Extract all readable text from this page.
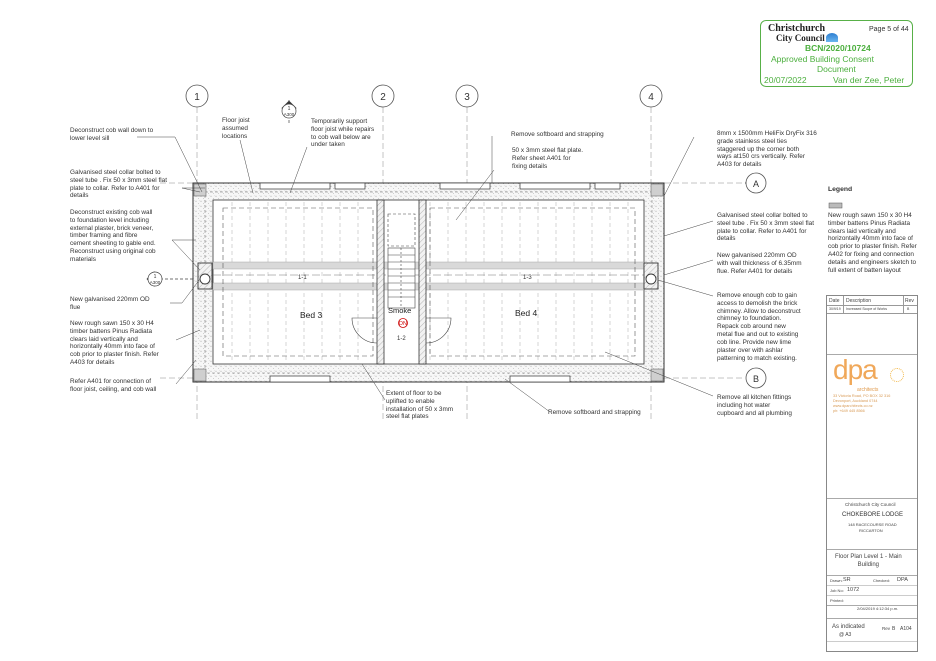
1	2	3	4
A
B
1
A300
1
A300
Bed 3	Bed 4
Smoke
DN
1-1	1-3
1-2
Deconstruct cob wall down to
lower level sill
Floor joist
assumed
locations
Temporarily support
floor joist while repairs
to cob wall below are
under taken
Remove softboard and strapping
50 x 3mm steel flat plate.
Refer sheet A401 for
fixing details
8mm x 1500mm HeliFix DryFix 316
grade stainless steel ties
staggered up the corner both
ways at150 crs vertically. Refer
A403 for details
Galvanised steel collar bolted to
steel tube . Fix 50 x 3mm steel flat
plate to collar. Refer to A401 for
details
Deconstruct existing cob wall
to foundation level including
external plaster, brick veneer,
timber framing and fibre
cement sheeting to gable end.
Reconstruct using original cob
materials
New galvanised 220mm OD
flue
New rough sawn 150 x 30 H4
timber battens Pinus Radiata
clears laid vertically and
horizontally 40mm into face of
cob prior to plaster finish. Refer
A403 for details
Refer A401 for connection of
floor joist, ceiling, and cob wall
Galvanised steel collar bolted to
steel tube . Fix 50 x 3mm steel flat
plate to collar. Refer to A401 for
details
New galvanised 220mm OD
with wall thickness of 6.35mm
flue. Refer A401 for details
Remove enough cob to gain
access to demolish the brick
chimney. Allow to deconstruct
chimney to foundation.
Repack cob around new
metal flue and out to existing
cob line. Provide new lime
plaster over with ashlar
patterning to match existing.
Remove all kitchen fittings
including hot water
cupboard and all plumbing
Extent of floor to be
uplifted to enable
installation of 50 x 3mm
steel flat plates
Remove softboard and strapping
Christchurch
City Council
Page 5 of 44
BCN/2020/10724
Approved Building Consent
Document
20/07/2022	Van der Zee, Peter
Legend
New rough sawn 150 x 30 H4
timber battens Pinus Radiata
clears laid vertically and
horizontally 40mm into face of
cob prior to plaster finish. Refer
A402 for fixing and connection
details and engineers sketch to
full extent of batten layout
Date Description	Rev
30/9/19 Increased Scope of Works	B
dpa
architects
33 Victoria Road, PO BOX 32 316
Devonport, Auckland 0744
www.dparchitects.co.nz
ph: +649 445 8566
Christchurch City Council
CHOKEBORE LODGE
148 RACECOURSE ROAD
RICCARTON
Floor Plan Level 1 - Main
Building
Drawn: SR	Checked: DPA
Job No: 1072
Printed:
2/04/2019 4:12:34 p.m.
As indicated
@ A3
Rev B A104
